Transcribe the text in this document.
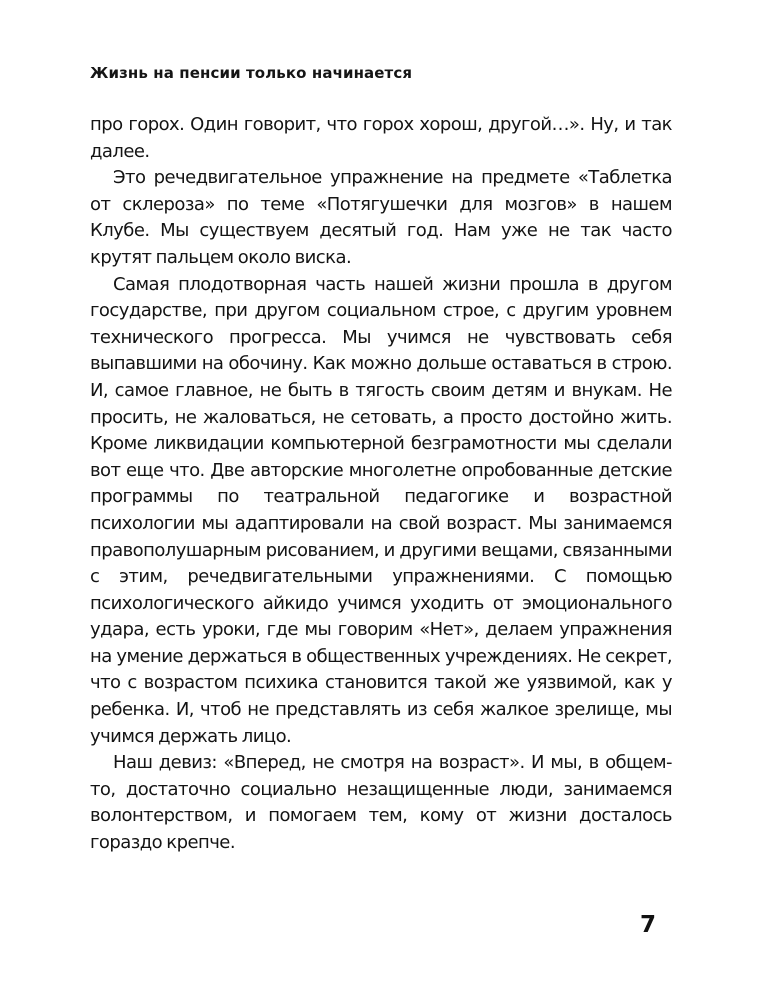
Жизнь на пенсии только начинается

про горох. Один говорит, что горох хорош, другой…». Ну, и так далее.

Это речедвигательное упражнение на предмете «Таблетка от склероза» по теме «Потягушечки для мозгов» в нашем Клубе. Мы существуем десятый год. Нам уже не так часто крутят пальцем около виска.

Самая плодотворная часть нашей жизни прошла в другом государстве, при другом социальном строе, с другим уровнем технического прогресса. Мы учимся не чувствовать себя выпавшими на обочину. Как можно дольше оставаться в строю. И, самое главное, не быть в тягость своим детям и внукам. Не просить, не жаловаться, не сетовать, а просто достойно жить. Кроме ликвидации компьютерной безграмотности мы сделали вот еще что. Две авторские многолетне опробованные детские программы по театральной педагогике и возрастной психологии мы адаптировали на свой возраст. Мы занимаемся правополушарным рисованием, и другими вещами, связанными с этим, речедвигательными упражнениями. С помощью психологического айкидо учимся уходить от эмоционального удара, есть уроки, где мы говорим «Нет», делаем упражнения на умение держаться в общественных учреждениях. Не секрет, что с возрастом психика становится такой же уязвимой, как у ребенка. И, чтоб не представлять из себя жалкое зрелище, мы учимся держать лицо.

Наш девиз: «Вперед, не смотря на возраст». И мы, в общем-то, достаточно социально незащищенные люди, занимаемся волонтерством, и помогаем тем, кому от жизни досталось гораздо крепче.

7
